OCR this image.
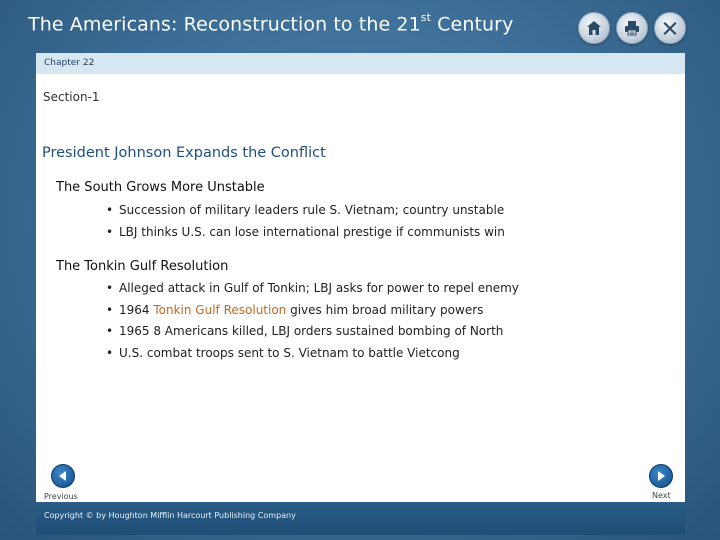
The Americans: Reconstruction to the 21st Century
Chapter 22
Section-1
President Johnson Expands the Conflict
The South Grows More Unstable
• Succession of military leaders rule S. Vietnam; country unstable
• LBJ thinks U.S. can lose international prestige if communists win
The Tonkin Gulf Resolution
• Alleged attack in Gulf of Tonkin; LBJ asks for power to repel enemy
• 1964 Tonkin Gulf Resolution gives him broad military powers
• 1965 8 Americans killed, LBJ orders sustained bombing of North
• U.S. combat troops sent to S. Vietnam to battle Vietcong
Previous	Next
Copyright © by Houghton Mifflin Harcourt Publishing Company
